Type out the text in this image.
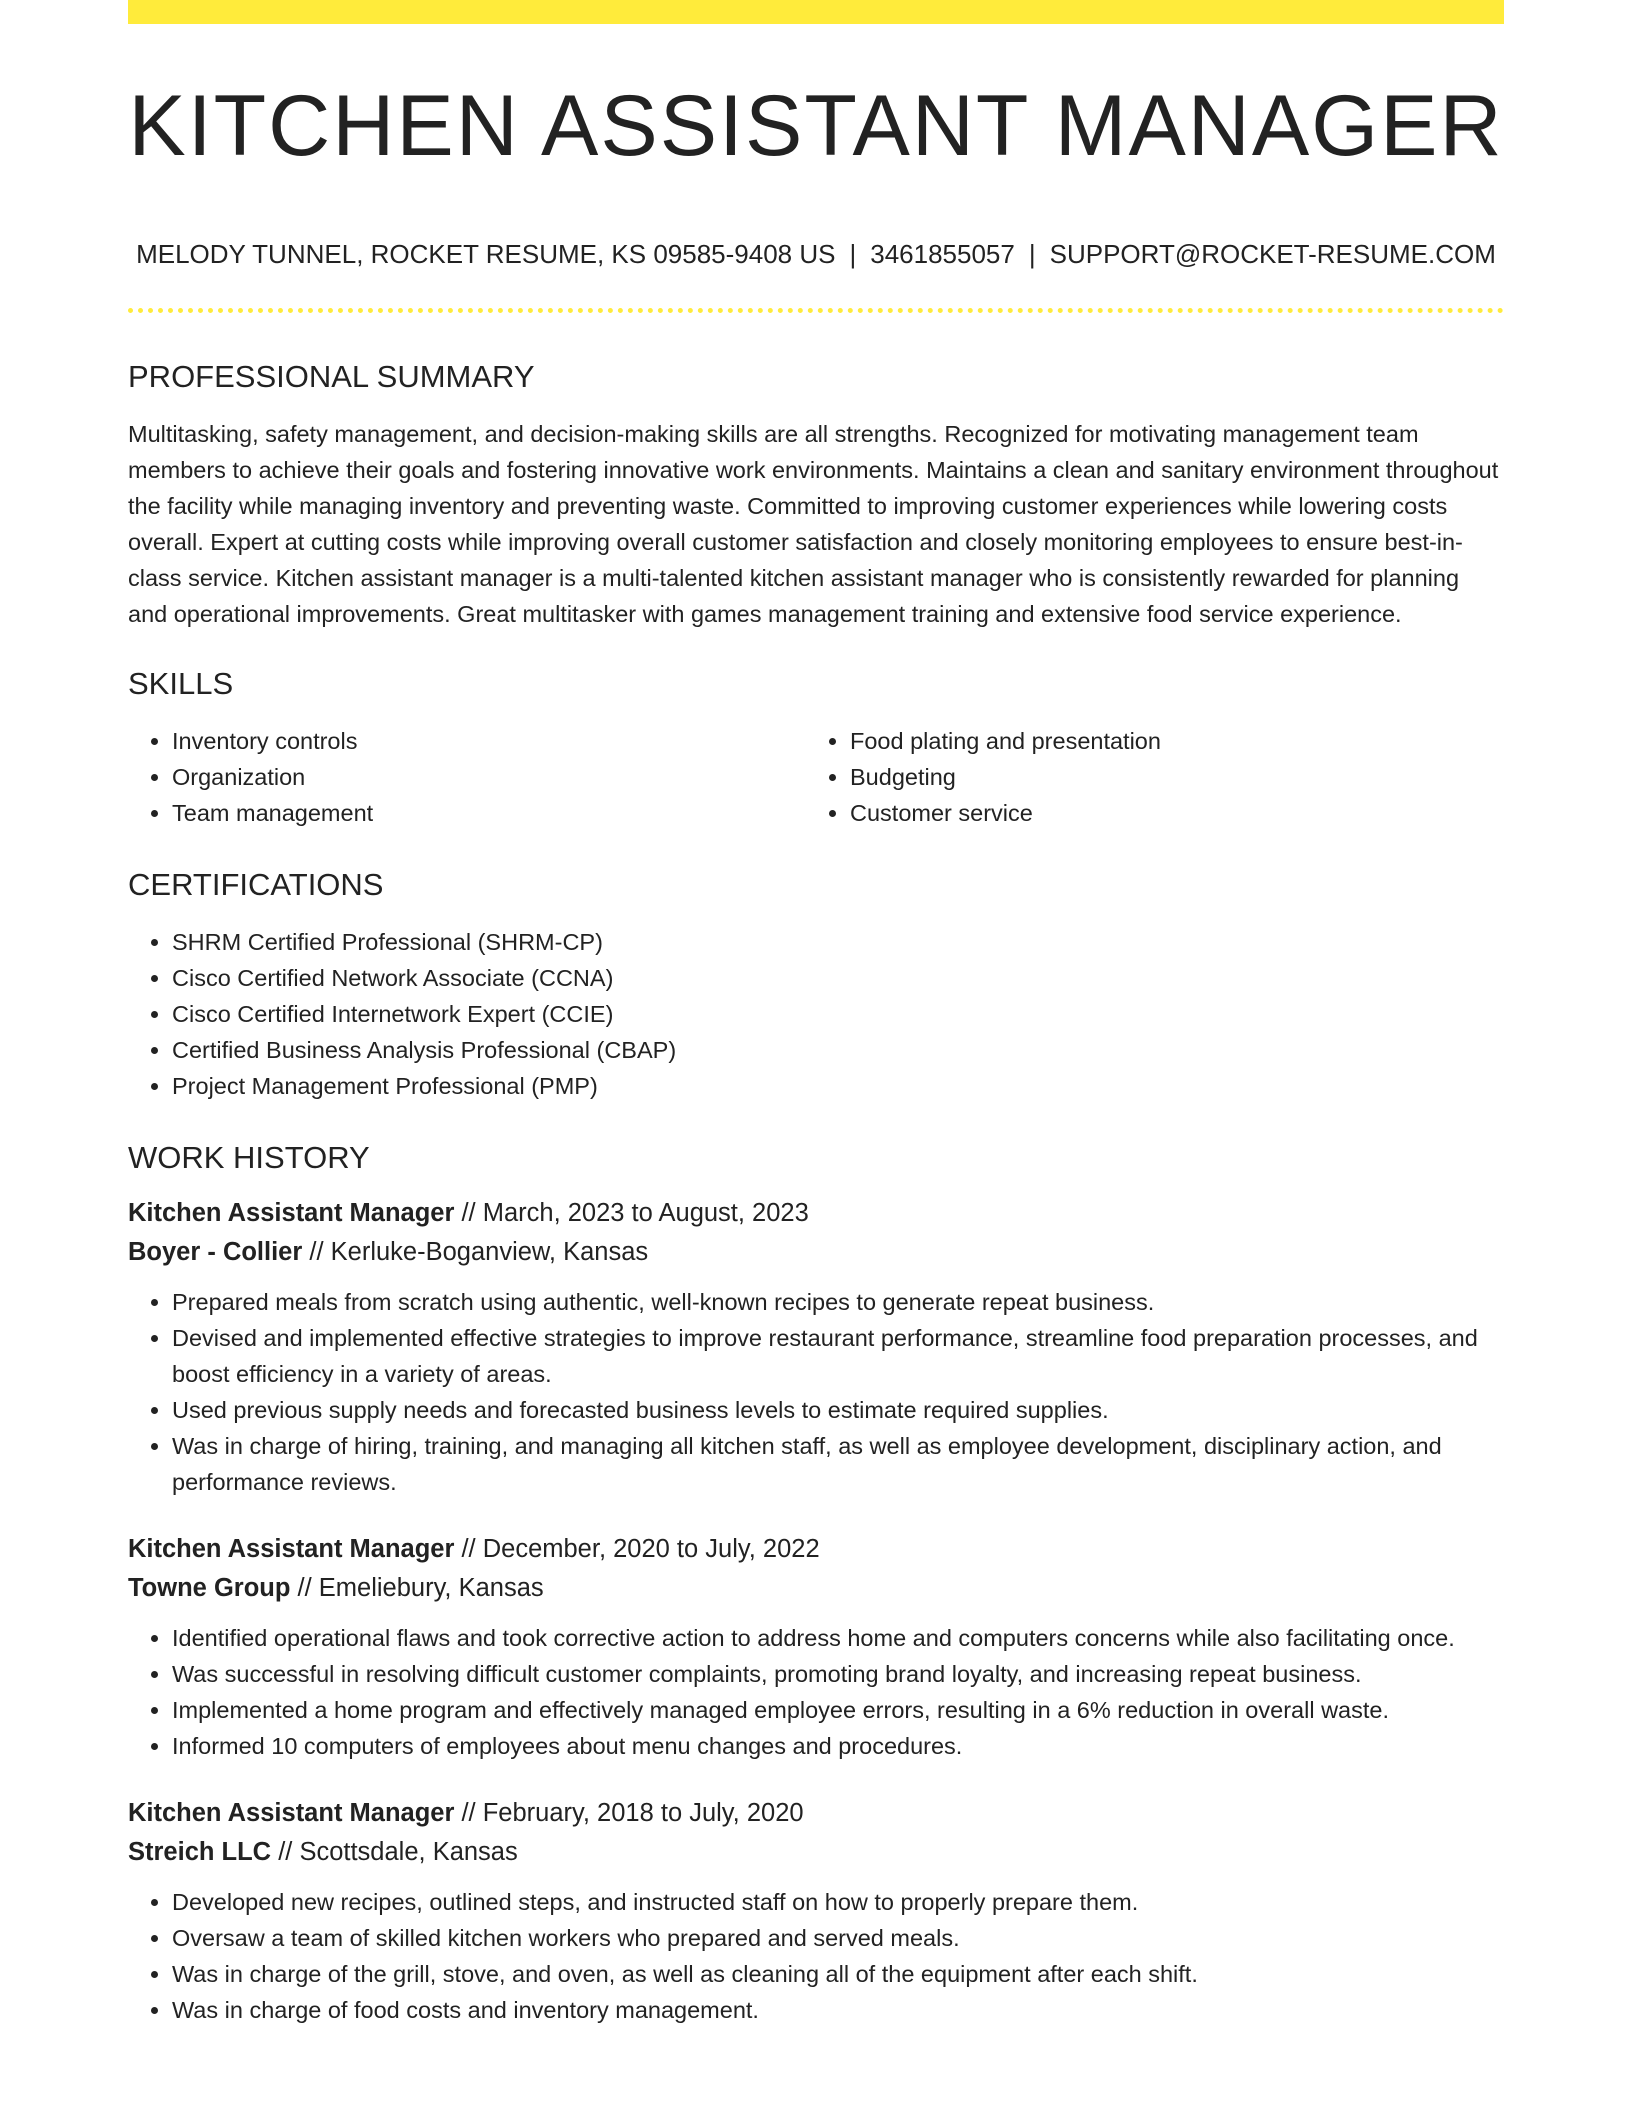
KITCHEN ASSISTANT MANAGER
MELODY TUNNEL, ROCKET RESUME, KS 09585-9408 US | 3461855057 | SUPPORT@ROCKET-RESUME.COM
PROFESSIONAL SUMMARY
Multitasking, safety management, and decision-making skills are all strengths. Recognized for motivating management team members to achieve their goals and fostering innovative work environments. Maintains a clean and sanitary environment throughout the facility while managing inventory and preventing waste. Committed to improving customer experiences while lowering costs overall. Expert at cutting costs while improving overall customer satisfaction and closely monitoring employees to ensure best-in-class service. Kitchen assistant manager is a multi-talented kitchen assistant manager who is consistently rewarded for planning and operational improvements. Great multitasker with games management training and extensive food service experience.
SKILLS
• Inventory controls
• Organization
• Team management
• Food plating and presentation
• Budgeting
• Customer service
CERTIFICATIONS
• SHRM Certified Professional (SHRM-CP)
• Cisco Certified Network Associate (CCNA)
• Cisco Certified Internetwork Expert (CCIE)
• Certified Business Analysis Professional (CBAP)
• Project Management Professional (PMP)
WORK HISTORY
Kitchen Assistant Manager // March, 2023 to August, 2023
Boyer - Collier // Kerluke-Boganview, Kansas
• Prepared meals from scratch using authentic, well-known recipes to generate repeat business.
• Devised and implemented effective strategies to improve restaurant performance, streamline food preparation processes, and boost efficiency in a variety of areas.
• Used previous supply needs and forecasted business levels to estimate required supplies.
• Was in charge of hiring, training, and managing all kitchen staff, as well as employee development, disciplinary action, and performance reviews.
Kitchen Assistant Manager // December, 2020 to July, 2022
Towne Group // Emeliebury, Kansas
• Identified operational flaws and took corrective action to address home and computers concerns while also facilitating once.
• Was successful in resolving difficult customer complaints, promoting brand loyalty, and increasing repeat business.
• Implemented a home program and effectively managed employee errors, resulting in a 6% reduction in overall waste.
• Informed 10 computers of employees about menu changes and procedures.
Kitchen Assistant Manager // February, 2018 to July, 2020
Streich LLC // Scottsdale, Kansas
• Developed new recipes, outlined steps, and instructed staff on how to properly prepare them.
• Oversaw a team of skilled kitchen workers who prepared and served meals.
• Was in charge of the grill, stove, and oven, as well as cleaning all of the equipment after each shift.
• Was in charge of food costs and inventory management.
